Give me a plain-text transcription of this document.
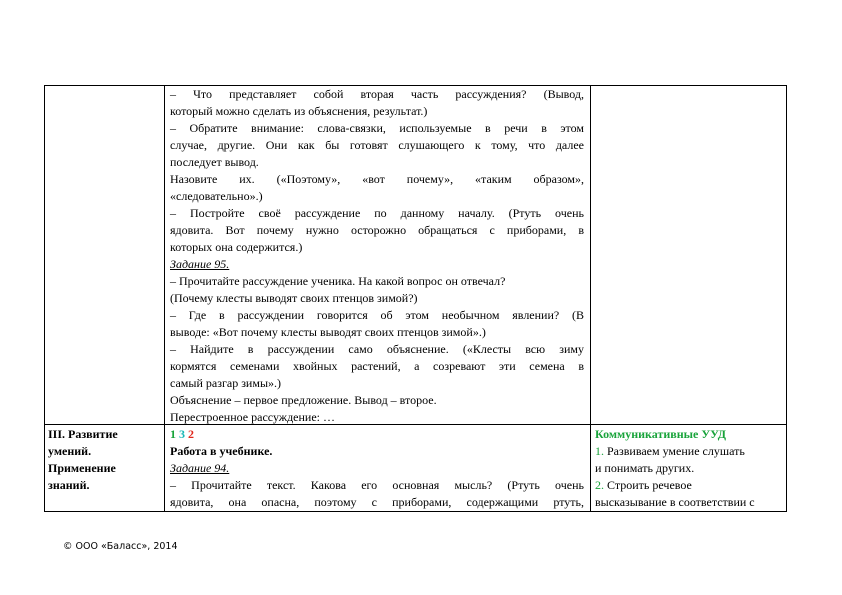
– Что представляет собой вторая часть рассуждения? (Вывод,
который можно сделать из объяснения, результат.)
– Обратите внимание: слова-связки, используемые в речи в этом
случае, другие. Они как бы готовят слушающего к тому, что далее
последует вывод.
Назовите их. («Поэтому», «вот почему», «таким образом»,
«следовательно».)
– Постройте своё рассуждение по данному началу. (Ртуть очень
ядовита. Вот почему нужно осторожно обращаться с приборами, в
которых она содержится.)
Задание 95.
– Прочитайте рассуждение ученика. На какой вопрос он отвечал?
(Почему клесты выводят своих птенцов зимой?)
– Где в рассуждении говорится об этом необычном явлении? (В
выводе: «Вот почему клесты выводят своих птенцов зимой».)
– Найдите в рассуждении само объяснение. («Клесты всю зиму
кормятся семенами хвойных растений, а созревают эти семена в
самый разгар зимы».)
Объяснение – первое предложение. Вывод – второе.
Перестроенное рассуждение: …
III. Развитие
умений.
Применение
знаний.
1 3 2
Работа в учебнике.
Задание 94.
– Прочитайте текст. Какова его основная мысль? (Ртуть очень
ядовита, она опасна, поэтому с приборами, содержащими ртуть,
Коммуникативные УУД
1. Развиваем умение слушать
и понимать других.
2. Строить речевое
высказывание в соответствии с
© ООО «Баласс», 2014
